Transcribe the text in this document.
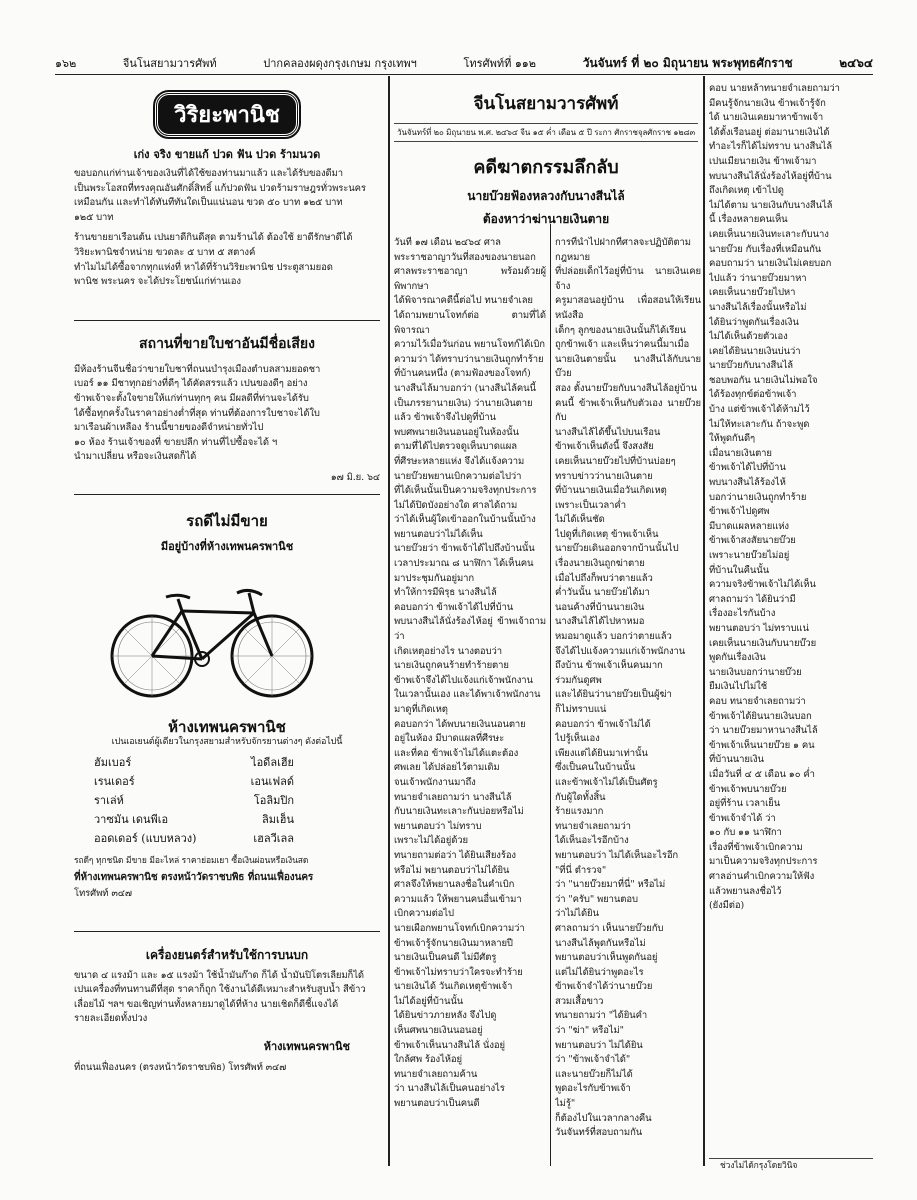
๑๖๒	จีนโนสยามวารศัพท์	ปากคลองผดุงกรุงเกษม กรุงเทพฯ	โทรศัพท์ที่ ๑๑๒	วันจันทร์ ที่ ๒๐ มิถุนายน พระพุทธศักราช	๒๔๖๔
วิริยะพานิช

เก่ง จริง ขายแก้ ปวด ฟัน ปวด ร้ามนวด

ขอบอกแก่ท่านเจ้าของเงินที่ได้ใช้ของท่านมาแล้ว และได้รับของดีมา

เป็นพระโอสถที่ทรงคุณอันศักดิ์สิทธิ์ แก้ปวดฟัน ปวดร้ามราษฎรทั่วพระนคร

เหมือนกัน และทำได้ทันทีทันใดเป็นแน่นอน ขวด ๕๐ บาท ๑๒๕ บาท

๑๒๕ บาท

ร้านขายยาเรือนต้น เปนยาดีกินดีสุด ตามร้านได้ ต้องใช้ ยาดีรักษาดีได้

วิริยะพานิชจำหน่าย ขวดละ ๕ บาท ๕ สตางค์

ทำไมไม่ได้ซื้อจากทุกแห่งที่ หาได้ที่ร้านวิริยะพานิช ประตูสามยอด

พานิช พระนคร จะได้ประโยชน์แก่ท่านเอง

สถานที่ขายใบชาอันมีชื่อเสียง

มีห้องร้านจีนชื่อว่าขายใบชาที่ถนนบำรุงเมืองตำบลสามยอดชา

เบอร์ ๑๑ มีชาทุกอย่างที่ดีๆ ได้คัดสรรแล้ว เปนของดีๆ อย่าง

ข้าพเจ้าจะตั้งใจขายให้แก่ท่านทุกๆ คน มีผลดีที่ท่านจะได้รับ

ได้ซื้อทุกครั้งในราคาอย่างต่ำที่สุด ท่านที่ต้องการใบชาจะได้ใบ

มาเรือนผ้าเหลือง ร้านนี้ขายของดีจำหน่ายทั่วไป

๑๐ ห้อง ร้านเจ้าของที่ ขายปลีก ท่านที่ไปซื้อจะได้ ฯ

นำมาเปลี่ยน หรือจะเงินสดก็ได้

๑๗ มิ.ย. ๖๔

รถดีไม่มีขาย

มีอยู่บ้างที่ห้างเทพนครพานิช

ห้างเทพนครพานิช

เปนเอเยนต์ผู้เดียวในกรุงสยามสำหรับจักรยานต่างๆ ดังต่อไปนี้

ฮัมเบอร์	ไอดีลเฮีย
เรนเดอร์	เอนเฟลด์
ราเล่ห์	โอลิมปิก
วาซมัน เดนพีเอ	ลิมเฮ็น
ออดเดอร์ (แบบหลวง)	เฮลวีเลล

รถดีๆ ทุกชนิด มีขาย มีอะไหล่ ราคาย่อมเยา ซื้อเงินผ่อนหรือเงินสด

ที่ห้างเทพนครพานิช ตรงหน้าวัดราชบพิธ ที่ถนนเฟื่องนคร

โทรศัพท์ ๓๔๗

เครื่องยนตร์สำหรับใช้การบนบก

ขนาด ๔ แรงม้า และ ๑๕ แรงม้า ใช้น้ำมันก๊าด ก็ได้ น้ำมันปิโตรเลียมก็ได้

เปนเครื่องที่ทนทานดีที่สุด ราคาก็ถูก ใช้งานได้ดีเหมาะสำหรับสูบน้ำ สีข้าว

เลื่อยไม้ ฯลฯ ขอเชิญท่านทั้งหลายมาดูได้ที่ห้าง นายเชิดก็ดีชี้แจงได้

รายละเอียดทั้งปวง

ห้างเทพนครพานิช

ที่ถนนเฟื่องนคร (ตรงหน้าวัดราชบพิธ) โทรศัพท์ ๓๔๗

จีนโนสยามวารศัพท์

วันจันทร์ที่ ๒๐ มิถุนายน พ.ศ. ๒๔๖๔ จีน ๑๕ ค่ำ เดือน ๕ ปี ระกา ศักราชจุลศักราช ๑๒๘๓

คดีฆาตกรรมลึกลับ

นายบ๊วยฟ้องหลวงกับนางสีนไล้

ต้องหาว่าฆ่านายเงินตาย

วันที่ ๑๗ เดือน ๒๔๖๔ ศาล

พระราชอาญาวันที่สองของนายนอก

ศาลพระราชอาญา พร้อมด้วยผู้พิพากษา

ได้พิจารณาคดีนี้ต่อไป ทนายจำเลย

ได้ถามพยานโจทก์ต่อ ตามที่ได้พิจารณา

ความไว้เมื่อวันก่อน พยานโจทก์ได้เบิก

ความว่า ได้ทราบว่านายเงินถูกทำร้าย

ที่บ้านคนหนึ่ง (ตามฟ้องของโจทก์)

นางสีนไล้มาบอกว่า (นางสีนไล้คนนี้

เป็นภรรยานายเงิน) ว่านายเงินตาย

แล้ว ข้าพเจ้าจึงไปดูที่บ้าน

พบศพนายเงินนอนอยู่ในห้องนั้น

ตามที่ได้ไปตรวจดูเห็นบาดแผล

ที่ศีรษะหลายแห่ง จึงได้แจ้งความ

นายบ๊วยพยานเบิกความต่อไปว่า

ที่ได้เห็นนั้นเป็นความจริงทุกประการ

ไม่ได้ปิดบังอย่างใด ศาลได้ถาม

ว่าได้เห็นผู้ใดเข้าออกในบ้านนั้นบ้าง

พยานตอบว่าไม่ได้เห็น

นายบ๊วยว่า ข้าพเจ้าได้ไปถึงบ้านนั้น

เวลาประมาณ ๘ นาฬิกา ได้เห็นคน

มาประชุมกันอยู่มาก

ทำให้การมีพิรุธ นางสีนไล้

คอบอกว่า ข้าพเจ้าได้ไปที่บ้าน

พบนางสีนไล้นั่งร้องไห้อยู่ ข้าพเจ้าถามว่า

เกิดเหตุอย่างไร นางตอบว่า

นายเงินถูกคนร้ายทำร้ายตาย

ข้าพเจ้าจึงได้ไปแจ้งแก่เจ้าพนักงาน

ในเวลานั้นเอง และได้พาเจ้าพนักงาน

มาดูที่เกิดเหตุ

คอบอกว่า ได้พบนายเงินนอนตาย

อยู่ในห้อง มีบาดแผลที่ศีรษะ

และที่คอ ข้าพเจ้าไม่ได้แตะต้อง

ศพเลย ได้ปล่อยไว้ตามเดิม

จนเจ้าพนักงานมาถึง

ทนายจำเลยถามว่า นางสีนไล้

กับนายเงินทะเลาะกันบ่อยหรือไม่

พยานตอบว่า ไม่ทราบ

เพราะไม่ได้อยู่ด้วย

ทนายถามต่อว่า ได้ยินเสียงร้อง

หรือไม่ พยานตอบว่าไม่ได้ยิน

ศาลจึงให้พยานลงชื่อในคำเบิก

ความแล้ว ให้พยานคนอื่นเข้ามา

เบิกความต่อไป

นายเผือกพยานโจทก์เบิกความว่า

ข้าพเจ้ารู้จักนายเงินมาหลายปี

นายเงินเป็นคนดี ไม่มีศัตรู

ข้าพเจ้าไม่ทราบว่าใครจะทำร้าย

นายเงินได้ วันเกิดเหตุข้าพเจ้า

ไม่ได้อยู่ที่บ้านนั้น

ได้ยินข่าวภายหลัง จึงไปดู

เห็นศพนายเงินนอนอยู่

ข้าพเจ้าเห็นนางสีนไล้ นั่งอยู่

ใกล้ศพ ร้องไห้อยู่

ทนายจำเลยถามค้าน

ว่า นางสีนไล้เป็นคนอย่างไร

พยานตอบว่าเป็นคนดี

การที่นำไปฝากที่ศาลจะปฏิบัติตามกฎหมาย

ที่ปล่อยเด็กไว้อยู่ที่บ้าน นายเงินเคยจ้าง

ครูมาสอนอยู่บ้าน เพื่อสอนให้เรียนหนังสือ

เด็กๆ ลูกของนายเงินนั้นก็ได้เรียน

ถูกข้าพเจ้า และเห็นว่าคนนี้มาเมื่อ

นายเงินตายนั้น นางสีนไล้กับนายบ๊วย

สอง ตั้งนายบ๊วยกับนางสีนไล้อยู่บ้าน

คนนี้ ข้าพเจ้าเห็นกับตัวเอง นายบ๊วยกับ

นางสีนไล้ได้ขึ้นไปบนเรือน

ข้าพเจ้าเห็นดังนี้ จึงสงสัย

เคยเห็นนายบ๊วยไปที่บ้านบ่อยๆ

ทราบข่าวว่านายเงินตาย

ที่บ้านนายเงินเมื่อวันเกิดเหตุ

เพราะเป็นเวลาค่ำ

ไม่ได้เห็นชัด

ไปดูที่เกิดเหตุ ข้าพเจ้าเห็น

นายบ๊วยเดินออกจากบ้านนั้นไป

เรื่องนายเงินถูกฆ่าตาย

เมื่อไปถึงก็พบว่าตายแล้ว

ค่ำวันนั้น นายบ๊วยได้มา

นอนค้างที่บ้านนายเงิน

นางสีนไล้ได้ไปหาหมอ

หมอมาดูแล้ว บอกว่าตายแล้ว

จึงได้ไปแจ้งความแก่เจ้าพนักงาน

ถึงบ้าน ข้าพเจ้าเห็นคนมาก

ร่วมกันดูศพ

และได้ยินว่านายบ๊วยเป็นผู้ฆ่า

ก็ไม่ทราบแน่

คอบอกว่า ข้าพเจ้าไม่ได้

ไปรู้เห็นเอง

เพียงแต่ได้ยินมาเท่านั้น

ซึ่งเป็นคนในบ้านนั้น

และข้าพเจ้าไม่ได้เป็นศัตรู

กับผู้ใดทั้งสิ้น

ร้ายแรงมาก

ทนายจำเลยถามว่า

ได้เห็นอะไรอีกบ้าง

พยานตอบว่า ไม่ได้เห็นอะไรอีก

"ที่นี่ ตำรวจ"

ว่า "นายบ๊วยมาที่นี่" หรือไม่

ว่า "ครับ" พยานตอบ

ว่าไม่ได้ยิน

ศาลถามว่า เห็นนายบ๊วยกับ

นางสีนไล้พูดกันหรือไม่

พยานตอบว่าเห็นพูดกันอยู่

แต่ไม่ได้ยินว่าพูดอะไร

ข้าพเจ้าจำได้ว่านายบ๊วย

สวมเสื้อขาว

ทนายถามว่า "ได้ยินคำ

ว่า "ฆ่า" หรือไม่"

พยานตอบว่า ไม่ได้ยิน

ว่า "ข้าพเจ้าจำได้"

และนายบ๊วยก็ไม่ได้

พูดอะไรกับข้าพเจ้า

ไม่รู้"

ก็ต้องไปในเวลากลางคืน

วันจันทร์ที่สอบถามกัน

คอบ นายหล้าทนายจำเลยถามว่า

มีคนรู้จักนายเงิน ข้าพเจ้ารู้จัก

ได้ นายเงินเคยมาหาข้าพเจ้า

ได้ตั้งเรือนอยู่ ต่อมานายเงินได้

ทำอะไรก็ได้ไม่ทราบ นางสีนไล้

เปนเมียนายเงิน ข้าพเจ้ามา

พบนางสีนไล้นั่งร้องไห้อยู่ที่บ้าน

ถึงเกิดเหตุ เข้าไปดู

ไม่ได้ตาม นายเงินกับนางสีนไล้

นี้ เรื่องหลายคนเห็น

เคยเห็นนายเงินทะเลาะกับนาง

นายบ๊วย กับเรื่องที่เหมือนกัน

คอบถามว่า นายเงินไม่เคยบอก

ไปแล้ว ว่านายบ๊วยมาหา

เคยเห็นนายบ๊วยไปหา

นางสีนไล้เรื่องนั้นหรือไม่

ได้ยินว่าพูดกันเรื่องเงิน

ไม่ได้เห็นด้วยตัวเอง

เคยได้ยินนายเงินบ่นว่า

นายบ๊วยกับนางสีนไล้

ชอบพอกัน นายเงินไม่พอใจ

ได้ร้องทุกข์ต่อข้าพเจ้า

บ้าง แต่ข้าพเจ้าได้ห้ามไว้

ไม่ให้ทะเลาะกัน ถ้าจะพูด

ให้พูดกันดีๆ

เมื่อนายเงินตาย

ข้าพเจ้าได้ไปที่บ้าน

พบนางสีนไล้ร้องไห้

บอกว่านายเงินถูกทำร้าย

ข้าพเจ้าไปดูศพ

มีบาดแผลหลายแห่ง

ข้าพเจ้าสงสัยนายบ๊วย

เพราะนายบ๊วยไม่อยู่

ที่บ้านในคืนนั้น

ความจริงข้าพเจ้าไม่ได้เห็น

ศาลถามว่า ได้ยินว่ามี

เรื่องอะไรกันบ้าง

พยานตอบว่า ไม่ทราบแน่

เคยเห็นนายเงินกับนายบ๊วย

พูดกันเรื่องเงิน

นายเงินบอกว่านายบ๊วย

ยืมเงินไปไม่ใช้

คอบ ทนายจำเลยถามว่า

ข้าพเจ้าได้ยินนายเงินบอก

ว่า นายบ๊วยมาหานางสีนไล้

ข้าพเจ้าเห็นนายบ๊วย ๑ คน

ที่บ้านนายเงิน

เมื่อวันที่ ๔ ๕ เดือน ๑๐ ค่ำ

ข้าพเจ้าพบนายบ๊วย

อยู่ที่ร้าน เวลาเย็น

ข้าพเจ้าจำได้ ว่า

๑๐ กับ ๑๑ นาฬิกา

เรื่องที่ข้าพเจ้าเบิกความ

มาเป็นความจริงทุกประการ

ศาลอ่านคำเบิกความให้ฟัง

แล้วพยานลงชื่อไว้

(ยังมีต่อ)

ช่วงไม่ได้กรุงโดยวินิจ
